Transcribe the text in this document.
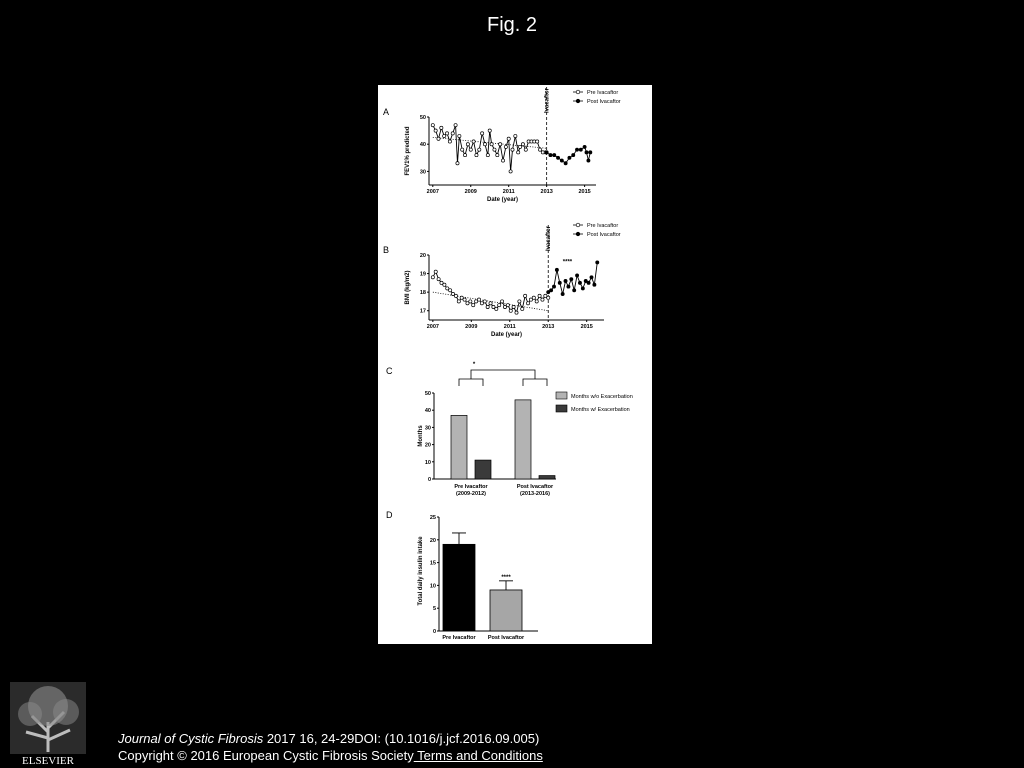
Fig. 2
A
30
40
50
2007	2009	2011	2013	2015
Date (year)
FEV1% predicted
Ivacaftor	Pre Ivacaftor
Post Ivacaftor
B
17
18
19
20
2007	2009	2011	2013	2015
Date (year)
BMI (kg/m2)
Ivacaftor	Pre Ivacaftor
Post Ivacaftor
****
C
0
10
20
30
40
50
Months
Pre Ivacaftor
(2009-2012)
Post Ivacaftor
(2013-2016)
*
Months w/o Exacerbation
Months w/ Exacerbation
D
0
5
10
15
20
25
Total daily insulin intake
Pre Ivacaftor Post Ivacaftor
****
ELSEVIER
Journal of Cystic Fibrosis 2017 16, 24-29DOI: (10.1016/j.jcf.2016.09.005)
Copyright © 2016 European Cystic Fibrosis Society Terms and Conditions
